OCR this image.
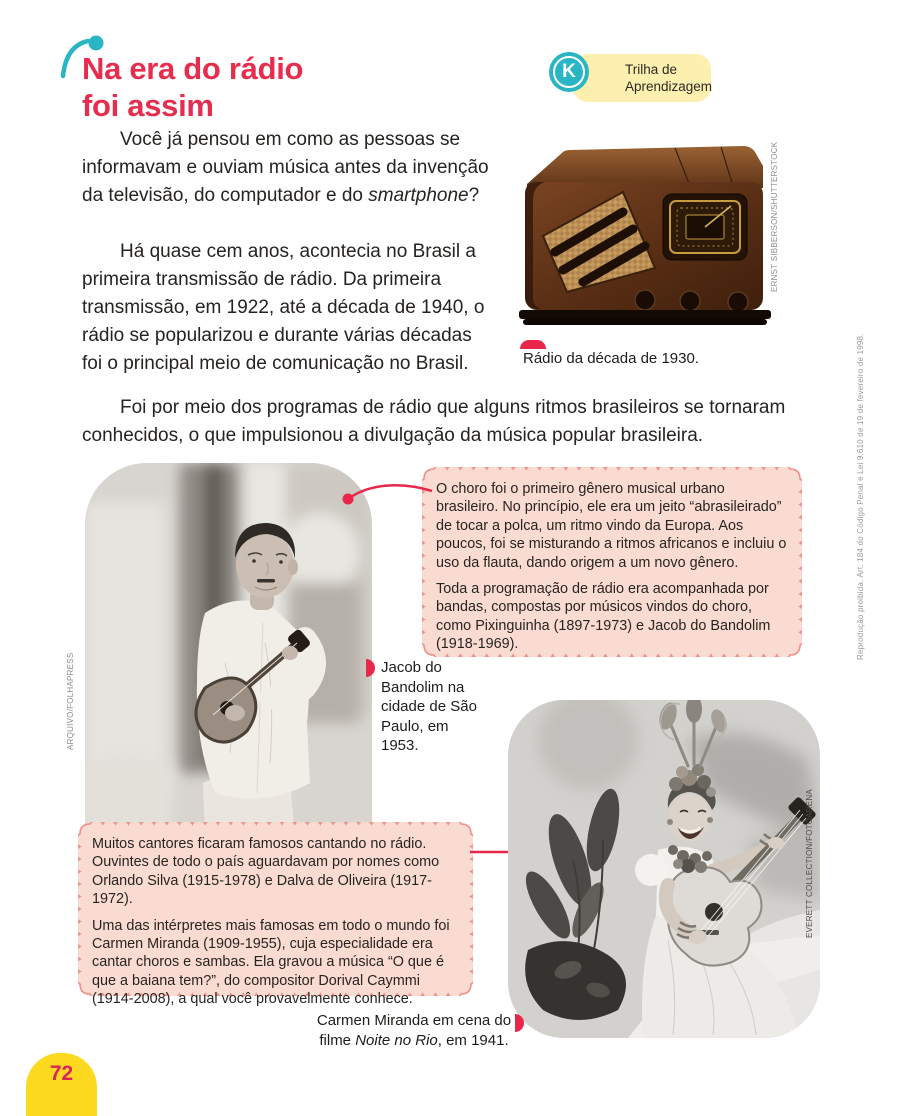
Na era do rádio
foi assim
K	Trilha de
Aprendizagem

Você já pensou em como as pessoas se informavam e ouviam música antes da invenção da televisão, do computador e do smartphone?

Há quase cem anos, acontecia no Brasil a primeira transmissão de rádio. Da primeira transmissão, em 1922, até a década de 1940, o rádio se popularizou e durante várias décadas foi o principal meio de comunicação no Brasil.

Foi por meio dos programas de rádio que alguns ritmos brasileiros se tornaram conhecidos, o que impulsionou a divulgação da música popular brasileira.

ERNST SIBBERSON/SHUTTERSTOCK
Rádio da década de 1930.
ARQUIVO/FOLHAPRESS	Jacob do Bandolim na cidade de São Paulo, em 1953.

O choro foi o primeiro gênero musical urbano brasileiro. No princípio, ele era um jeito “abrasileirado” de tocar a polca, um ritmo vindo da Europa. Aos poucos, foi se misturando a ritmos africanos e incluiu o uso da flauta, dando origem a um novo gênero.

Toda a programação de rádio era acompanhada por bandas, compostas por músicos vindos do choro, como Pixinguinha (1897-1973) e Jacob do Bandolim (1918-1969).

Muitos cantores ficaram famosos cantando no rádio. Ouvintes de todo o país aguardavam por nomes como Orlando Silva (1915-1978) e Dalva de Oliveira (1917-1972).

Uma das intérpretes mais famosas em todo o mundo foi Carmen Miranda (1909-1955), cuja especialidade era cantar choros e sambas. Ela gravou a música “O que é que a baiana tem?”, do compositor Dorival Caymmi (1914-2008), a qual você provavelmente conhece.

EVERETT COLLECTION/FOTOARENA
Carmen Miranda em cena do filme Noite no Rio, em 1941.
Reprodução proibida. Art. 184 do Código Penal e Lei 9.610 de 19 de fevereiro de 1998.
72
